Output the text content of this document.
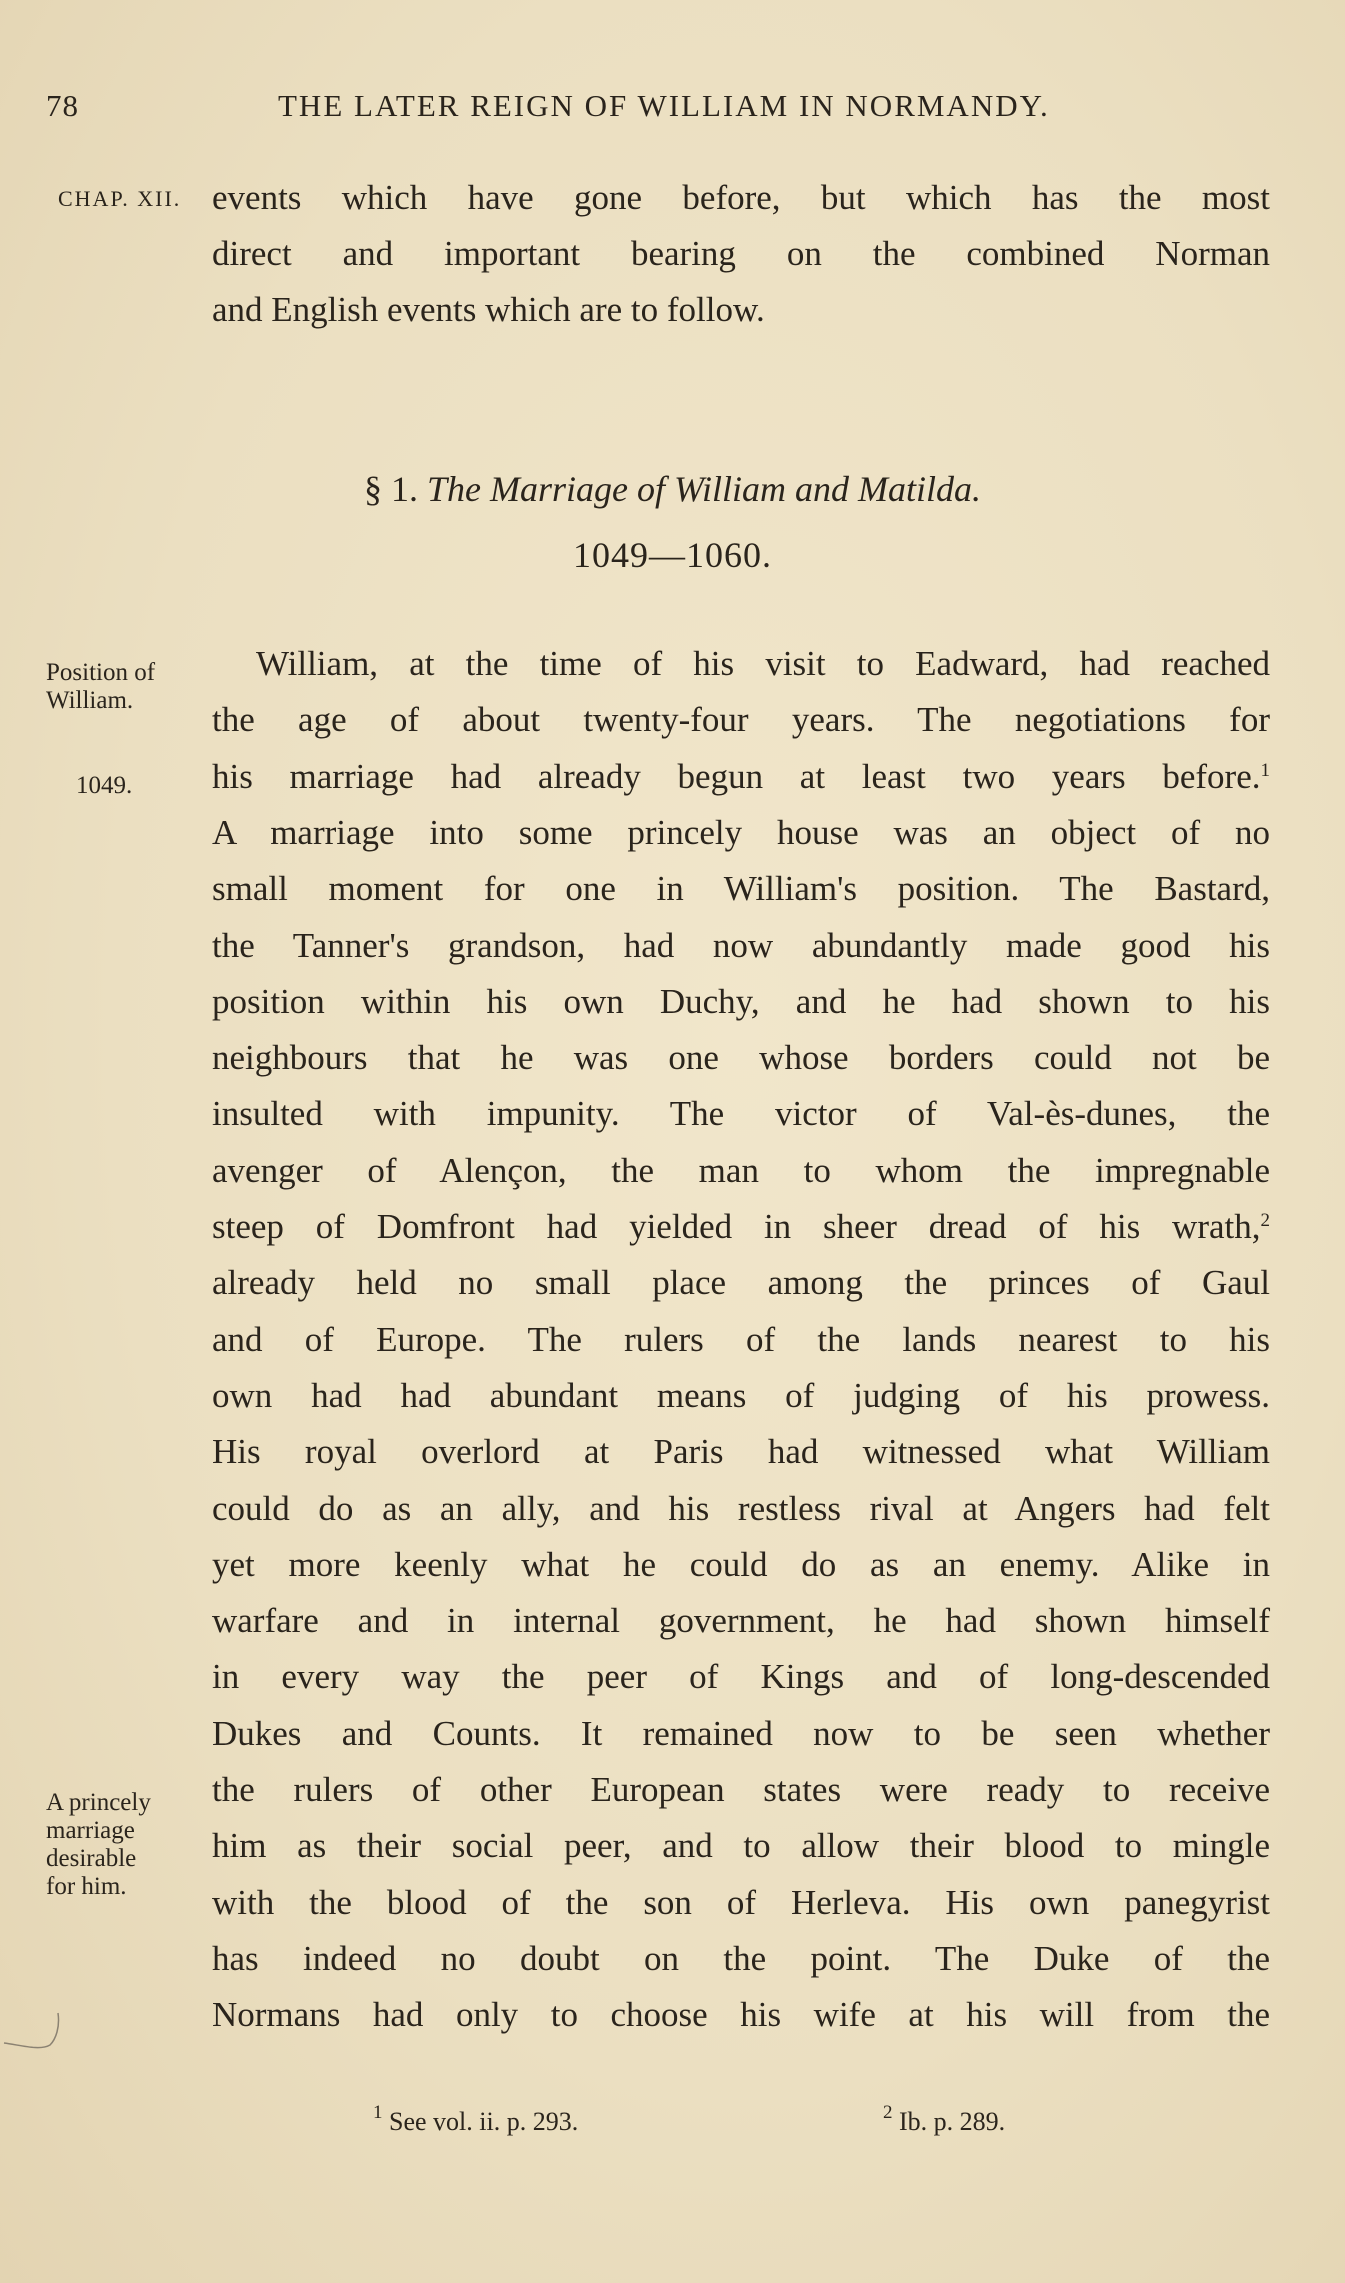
78	THE LATER REIGN OF WILLIAM IN NORMANDY.
CHAP. XII. events which have gone before, but which has the most
direct and important bearing on the combined Norman
and English events which are to follow.
§ 1. The Marriage of William and Matilda.
1049—1060.
Position of
William.
1049.
A princely
marriage
desirable
for him.
William, at the time of his visit to Eadward, had reached
the age of about twenty-four years. The negotiations for
his marriage had already begun at least two years before.$^1$
A marriage into some princely house was an object of no
small moment for one in William's position. The Bastard,
the Tanner's grandson, had now abundantly made good his
position within his own Duchy, and he had shown to his
neighbours that he was one whose borders could not be
insulted with impunity. The victor of Val-ès-dunes, the
avenger of Alençon, the man to whom the impregnable
steep of Domfront had yielded in sheer dread of his wrath,$^2$
already held no small place among the princes of Gaul
and of Europe. The rulers of the lands nearest to his
own had had abundant means of judging of his prowess.
His royal overlord at Paris had witnessed what William
could do as an ally, and his restless rival at Angers had felt
yet more keenly what he could do as an enemy. Alike in
warfare and in internal government, he had shown himself
in every way the peer of Kings and of long-descended
Dukes and Counts. It remained now to be seen whether
the rulers of other European states were ready to receive
him as their social peer, and to allow their blood to mingle
with the blood of the son of Herleva. His own panegyrist
has indeed no doubt on the point. The Duke of the
Normans had only to choose his wife at his will from the
$^1$ See vol. ii. p. 293.	$^2$ Ib. p. 289.
